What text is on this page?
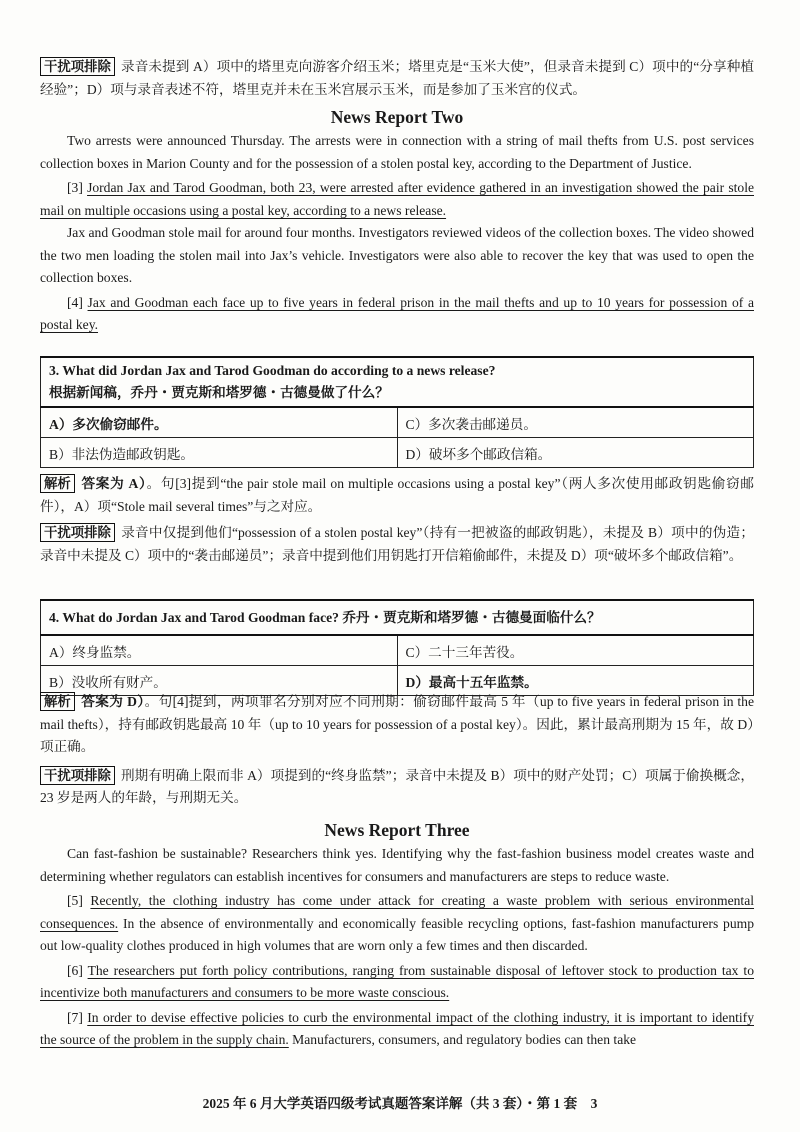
干扰项排除 录音未提到 A）项中的塔里克向游客介绍玉米；塔里克是“玉米大使”，但录音未提到 C）项中的“分享种植经验”；D）项与录音表述不符，塔里克并未在玉米宫展示玉米，而是参加了玉米宫的仪式。

News Report Two

Two arrests were announced Thursday. The arrests were in connection with a string of mail thefts from U.S. post services collection boxes in Marion County and for the possession of a stolen postal key, according to the Department of Justice.

[3] Jordan Jax and Tarod Goodman, both 23, were arrested after evidence gathered in an investigation showed the pair stole mail on multiple occasions using a postal key, according to a news release.

Jax and Goodman stole mail for around four months. Investigators reviewed videos of the collection boxes. The video showed the two men loading the stolen mail into Jax’s vehicle. Investigators were also able to recover the key that was used to open the collection boxes.

[4] Jax and Goodman each face up to five years in federal prison in the mail thefts and up to 10 years for possession of a postal key.

3. What did Jordan Jax and Tarod Goodman do according to a news release?
根据新闻稿，乔丹・贾克斯和塔罗德・古德曼做了什么？	

A）多次偷窃邮件。	C）多次袭击邮递员。
B）非法伪造邮政钥匙。	D）破坏多个邮政信箱。

解析 答案为 A）。句[3]提到“the pair stole mail on multiple occasions using a postal key”（两人多次使用邮政钥匙偷窃邮件），A）项“Stole mail several times”与之对应。

干扰项排除 录音中仅提到他们“possession of a stolen postal key”（持有一把被盗的邮政钥匙），未提及 B）项中的伪造；录音中未提及 C）项中的“袭击邮递员”；录音中提到他们用钥匙打开信箱偷邮件，未提及 D）项“破坏多个邮政信箱”。

4. What do Jordan Jax and Tarod Goodman face? 乔丹・贾克斯和塔罗德・古德曼面临什么？	
A）终身监禁。	C）二十三年苦役。
B）没收所有财产。	D）最高十五年监禁。

解析 答案为 D）。句[4]提到，两项罪名分别对应不同刑期：偷窃邮件最高 5 年（up to five years in federal prison in the mail thefts），持有邮政钥匙最高 10 年（up to 10 years for possession of a postal key）。因此，累计最高刑期为 15 年，故 D）项正确。

干扰项排除 刑期有明确上限而非 A）项提到的“终身监禁”；录音中未提及 B）项中的财产处罚；C）项属于偷换概念，23 岁是两人的年龄，与刑期无关。

News Report Three

Can fast-fashion be sustainable? Researchers think yes. Identifying why the fast-fashion business model creates waste and determining whether regulators can establish incentives for consumers and manufacturers are steps to reduce waste.

[5] Recently, the clothing industry has come under attack for creating a waste problem with serious environmental consequences. In the absence of environmentally and economically feasible recycling options, fast-fashion manufacturers pump out low-quality clothes produced in high volumes that are worn only a few times and then discarded.

[6] The researchers put forth policy contributions, ranging from sustainable disposal of leftover stock to production tax to incentivize both manufacturers and consumers to be more waste conscious.

[7] In order to devise effective policies to curb the environmental impact of the clothing industry, it is important to identify the source of the problem in the supply chain. Manufacturers, consumers, and regulatory bodies can then take

2025 年 6 月大学英语四级考试真题答案详解（共 3 套）・第 1 套　3
